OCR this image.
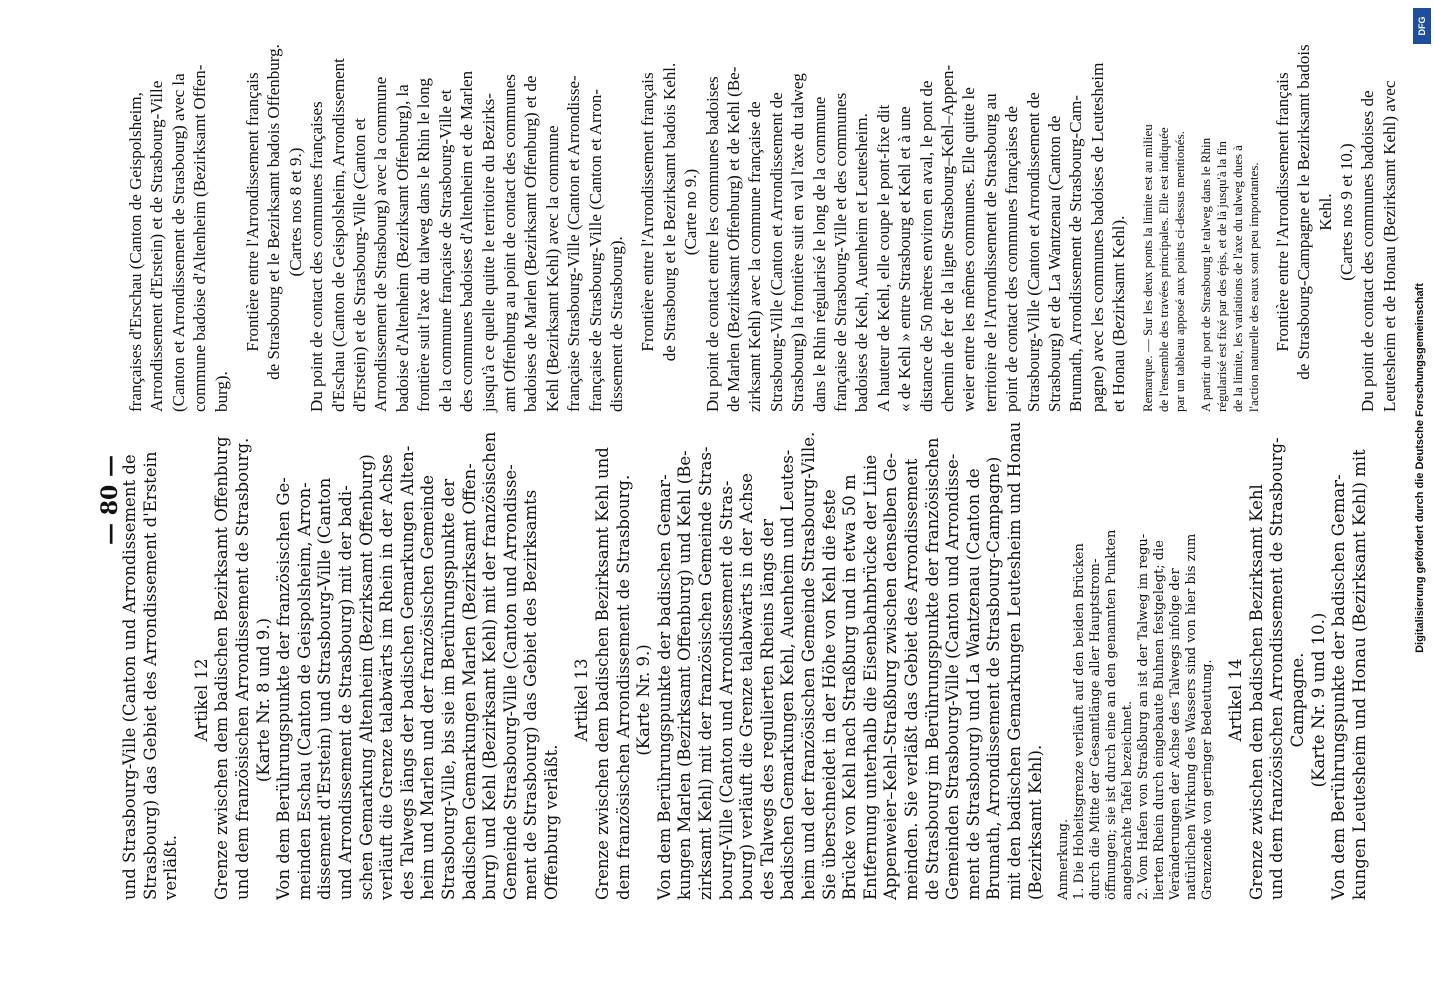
— 80 —
und Strasbourg-Ville (Canton und Arrondissement de Strasbourg) das Gebiet des Arrondissement d'Erstein verläßt.
Artikel 12 Grenze zwischen dem badischen Bezirksamt Offenburg und dem französischen Arrondissement de Strasbourg. (Karte Nr. 8 und 9.) Von dem Berührungspunkte der französischen Ge- meinden Eschau (Canton de Geispolsheim, Arron- dissement d'Erstein) und Strasbourg-Ville (Canton und Arrondissement de Strasbourg) mit der badi- schen Gemarkung Altenheim (Bezirksamt Offenburg) verläuft die Grenze talabwärts im Rhein in der Achse des Talwegs längs der badischen Gemarkungen Alten- heim und Marlen und der französischen Gemeinde Strasbourg-Ville, bis sie im Berührungspunkte der badischen Gemarkungen Marlen (Bezirksamt Offen- burg) und Kehl (Bezirksamt Kehl) mit der französischen Gemeinde Strasbourg-Ville (Canton und Arrondisse- ment de Strasbourg) das Gebiet des Bezirksamts Offenburg verläßt.
Artikel 13 Grenze zwischen dem badischen Bezirksamt Kehl und dem französischen Arrondissement de Strasbourg. (Karte Nr. 9.) Von dem Berührungspunkte der badischen Gemar- kungen Marlen (Bezirksamt Offenburg) und Kehl (Be- zirksamt Kehl) mit der französischen Gemeinde Stras- bourg-Ville (Canton und Arrondissement de Stras- bourg) verläuft die Grenze talabwärts in der Achse des Talwegs des regulierten Rheins längs der badischen Gemarkungen Kehl, Auenheim und Leutes- heim und der französischen Gemeinde Strasbourg-Ville. Sie überschneidet in der Höhe von Kehl die feste Brücke von Kehl nach Straßburg und in etwa 50 m Entfernung unterhalb die Eisenbahnbrücke der Linie Appenweier–Kehl–Straßburg zwischen denselben Ge- meinden. Sie verläßt das Gebiet des Arrondissement de Strasbourg im Berührungspunkte der französischen Gemeinden Strasbourg-Ville (Canton und Arrondisse- ment de Strasbourg) und La Wantzenau (Canton de Brumath, Arrondissement de Strasbourg-Campagne) mit den badischen Gemarkungen Leutesheim und Honau (Bezirksamt Kehl). Anmerkung. 1. Die Hoheitsgrenze verläuft auf den beiden Brücken durch die Mitte der Gesamtlänge aller Hauptstrom- öffnungen; sie ist durch eine an den genannten Punkten angebrachte Tafel bezeichnet. 2. Vom Hafen von Straßburg an ist der Talweg im regu- lierten Rhein durch eingebaute Buhnen festgelegt; die Veränderungen der Achse des Talwegs infolge der natürlichen Wirkung des Wassers sind von hier bis zum Grenzende von geringer Bedeutung. Artikel 14 Grenze zwischen dem badischen Bezirksamt Kehl und dem französischen Arrondissement de Strasbourg- Campagne. (Karte Nr. 9 und 10.) Von dem Berührungspunkte der badischen Gemar- kungen Leutesheim und Honau (Bezirksamt Kehl) mit
françaises d'Erschau (Canton de Geispolsheim, Arrondissement d'Erstein) et de Strasbourg-Ville (Canton et Arrondissement de Strasbourg) avec la commune badoise d'Altenheim (Bezirksamt Offen- burg).
Frontière entre l'Arrondissement français de Strasbourg et le Bezirksamt badois Offenburg. (Cartes nos 8 et 9.) Du point de contact des communes françaises d'Eschau (Canton de Geispolsheim, Arrondissement d'Erstein) et de Strasbourg-Ville (Canton et Arrondissement de Strasbourg) avec la commune badoise d'Altenheim (Bezirksamt Offenburg), la frontière suit l'axe du talweg dans le Rhin le long de la commune française de Strasbourg-Ville et des communes badoises d'Altenheim et de Marlen jusqu'à ce quelle quitte le territoire du Bezirks- amt Offenburg au point de contact des communes badoises de Marlen (Bezirksamt Offenburg) et de Kehl (Bezirksamt Kehl) avec la commune française Strasbourg-Ville (Canton et Arrondisse- française de Strasbourg-Ville (Canton et Arron- dissement de Strasbourg). Frontière entre l'Arrondissement français de Strasbourg et le Bezirksamt badois Kehl. (Carte no 9.) Du point de contact entre les communes badoises de Marlen (Bezirksamt Offenburg) et de Kehl (Be- zirksamt Kehl) avec la commune française de Strasbourg-Ville (Canton et Arrondissement de Strasbourg) la frontière suit en val l'axe du talweg dans le Rhin régularisé le long de la commune française de Strasbourg-Ville et des communes badoises de Kehl, Auenheim et Leutesheim. A hauteur de Kehl, elle coupe le pont-fixe dit « de Kehl » entre Strasbourg et Kehl et à une distance de 50 mètres environ en aval, le pont de chemin de fer de la ligne Strasbourg–Kehl–Appen- weier entre les mêmes communes. Elle quitte le territoire de l'Arrondissement de Strasbourg au point de contact des communes françaises de Strasbourg-Ville (Canton et Arrondissement de Strasbourg) et de La Wantzenau (Canton de Brumath, Arrondissement de Strasbourg-Cam- pagne) avec les communes badoises de Leutesheim et Honau (Bezirksamt Kehl). Remarque. — Sur les deux ponts la limite est au milieu de l'ensemble des travées principales. Elle est indiquée par un tableau apposé aux points ci-dessus mentionés. A partir du port de Strasbourg le talweg dans le Rhin régularisé est fixé par des épis, et de là jusqu'à la fin de la limite, les variations de l'axe du talweg dues à l'action naturelle des eaux sont peu importantes. Frontière entre l'Arrondissement français de Strasbourg-Campagne et le Bezirksamt badois Kehl. (Cartes nos 9 et 10.) Du point de contact des communes badoises de Leutesheim et de Honau (Bezirksamt Kehl) avec
Digitalisierung gefördert durch die Deutsche Forschungsgemeinschaft
DFG
